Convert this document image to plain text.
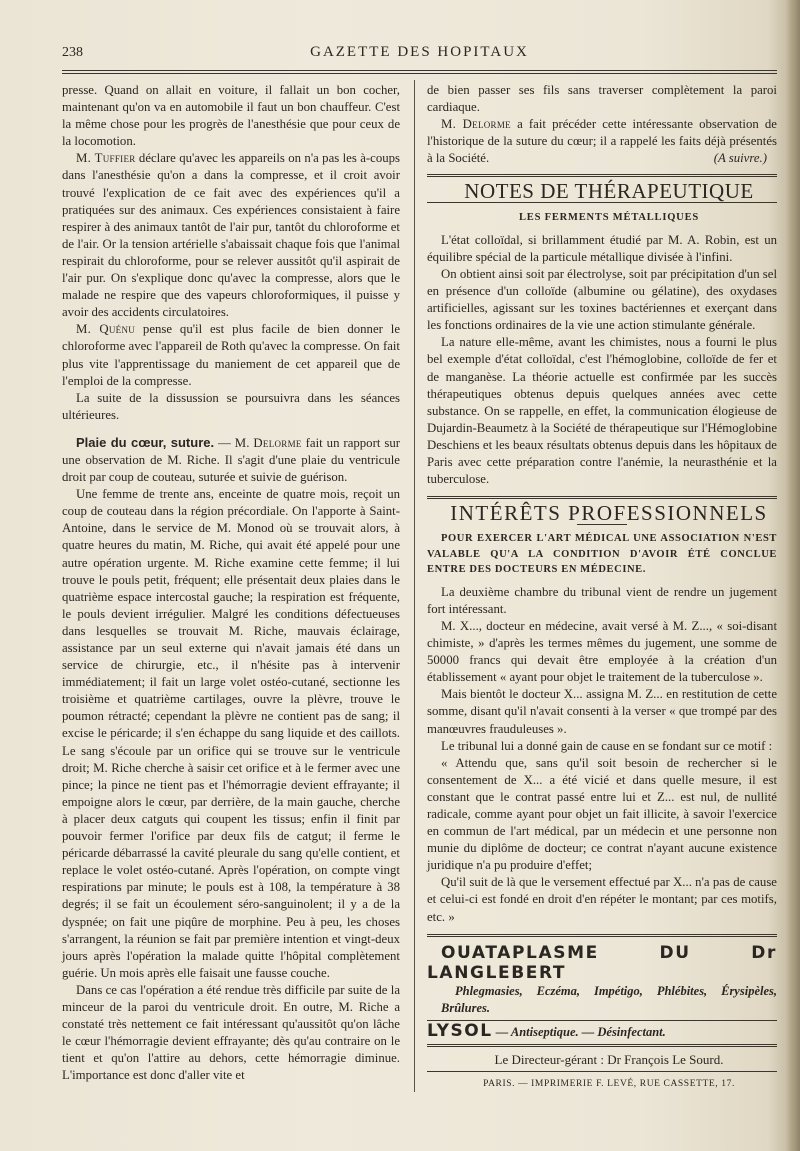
238	GAZETTE DES HOPITAUX

presse. Quand on allait en voiture, il fallait un bon cocher, maintenant qu'on va en automobile il faut un bon chauffeur. C'est la même chose pour les progrès de l'anesthésie que pour ceux de la locomotion.

M. Tuffier déclare qu'avec les appareils on n'a pas les à-coups dans l'anesthésie qu'on a dans la compresse, et il croit avoir trouvé l'explication de ce fait avec des expériences qu'il a pratiquées sur des animaux. Ces expériences consistaient à faire respirer à des animaux tantôt de l'air pur, tantôt du chloroforme et de l'air. Or la tension artérielle s'abaissait chaque fois que l'animal respirait du chloroforme, pour se relever aussitôt qu'il aspirait de l'air pur. On s'explique donc qu'avec la compresse, alors que le malade ne respire que des vapeurs chloroformiques, il puisse y avoir des accidents circulatoires.

M. Quénu pense qu'il est plus facile de bien donner le chloroforme avec l'appareil de Roth qu'avec la compresse. On fait plus vite l'apprentissage du maniement de cet appareil que de l'emploi de la compresse.

La suite de la dissussion se poursuivra dans les séances ultérieures.

Plaie du cœur, suture. — M. Delorme fait un rapport sur une observation de M. Riche. Il s'agit d'une plaie du ventricule droit par coup de couteau, suturée et suivie de guérison.

Une femme de trente ans, enceinte de quatre mois, reçoit un coup de couteau dans la région précordiale. On l'apporte à Saint-Antoine, dans le service de M. Monod où se trouvait alors, à quatre heures du matin, M. Riche, qui avait été appelé pour une autre opération urgente. M. Riche examine cette femme; il lui trouve le pouls petit, fréquent; elle présentait deux plaies dans le quatrième espace intercostal gauche; la respiration est fréquente, le pouls devient irrégulier. Malgré les conditions défectueuses dans lesquelles se trouvait M. Riche, mauvais éclairage, assistance par un seul externe qui n'avait jamais été dans un service de chirurgie, etc., il n'hésite pas à intervenir immédiatement; il fait un large volet ostéo-cutané, sectionne les troisième et quatrième cartilages, ouvre la plèvre, trouve le poumon rétracté; cependant la plèvre ne contient pas de sang; il excise le péricarde; il s'en échappe du sang liquide et des caillots. Le sang s'écoule par un orifice qui se trouve sur le ventricule droit; M. Riche cherche à saisir cet orifice et à le fermer avec une pince; la pince ne tient pas et l'hémorragie devient effrayante; il empoigne alors le cœur, par derrière, de la main gauche, cherche à placer deux catguts qui coupent les tissus; enfin il finit par pouvoir fermer l'orifice par deux fils de catgut; il ferme le péricarde débarrassé la cavité pleurale du sang qu'elle contient, et replace le volet ostéo-cutané. Après l'opération, on compte vingt respirations par minute; le pouls est à 108, la température à 38 degrés; il se fait un écoulement séro-sanguinolent; il y a de la dyspnée; on fait une piqûre de morphine. Peu à peu, les choses s'arrangent, la réunion se fait par première intention et vingt-deux jours après l'opération la malade quitte l'hôpital complètement guérie. Un mois après elle faisait une fausse couche.

Dans ce cas l'opération a été rendue très difficile par suite de la minceur de la paroi du ventricule droit. En outre, M. Riche a constaté très nettement ce fait intéressant qu'aussitôt qu'on lâche le cœur l'hémorragie devient effrayante; dès qu'au contraire on le tient et qu'on l'attire au dehors, cette hémorragie diminue. L'importance est donc d'aller vite et

de bien passer ses fils sans traverser complètement la paroi cardiaque.

M. Delorme a fait précéder cette intéressante observation de l'historique de la suture du cœur; il a rappelé les faits déjà présentés à la Société.	(A suivre.)

NOTES DE THÉRAPEUTIQUE

LES FERMENTS MÉTALLIQUES

L'état colloïdal, si brillamment étudié par M. A. Robin, est un équilibre spécial de la particule métallique divisée à l'infini.

On obtient ainsi soit par électrolyse, soit par précipitation d'un sel en présence d'un colloïde (albumine ou gélatine), des oxydases artificielles, agissant sur les toxines bactériennes et exerçant dans les fonctions ordinaires de la vie une action stimulante générale.

La nature elle-même, avant les chimistes, nous a fourni le plus bel exemple d'état colloïdal, c'est l'hémoglobine, colloïde de fer et de manganèse. La théorie actuelle est confirmée par les succès thérapeutiques obtenus depuis quelques années avec cette substance. On se rappelle, en effet, la communication élogieuse de Dujardin-Beaumetz à la Société de thérapeutique sur l'Hémoglobine Deschiens et les beaux résultats obtenus depuis dans les hôpitaux de Paris avec cette préparation contre l'anémie, la neurasthénie et la tuberculose.

INTÉRÊTS PROFESSIONNELS

POUR EXERCER L'ART MÉDICAL UNE ASSOCIATION N'EST VALABLE QU'A LA CONDITION D'AVOIR ÉTÉ CONCLUE ENTRE DES DOCTEURS EN MÉDECINE.

La deuxième chambre du tribunal vient de rendre un jugement fort intéressant.

M. X..., docteur en médecine, avait versé à M. Z..., « soi-disant chimiste, » d'après les termes mêmes du jugement, une somme de 50000 francs qui devait être employée à la création d'un établissement « ayant pour objet le traitement de la tuberculose ».

Mais bientôt le docteur X... assigna M. Z... en restitution de cette somme, disant qu'il n'avait consenti à la verser « que trompé par des manœuvres frauduleuses ».

Le tribunal lui a donné gain de cause en se fondant sur ce motif :

« Attendu que, sans qu'il soit besoin de rechercher si le consentement de X... a été vicié et dans quelle mesure, il est constant que le contrat passé entre lui et Z... est nul, de nullité radicale, comme ayant pour objet un fait illicite, à savoir l'exercice en commun de l'art médical, par un médecin et une personne non munie du diplôme de docteur; ce contrat n'ayant aucune existence juridique n'a pu produire d'effet;

Qu'il suit de là que le versement effectué par X... n'a pas de cause et celui-ci est fondé en droit d'en répéter le montant; par ces motifs, etc. »

OUATAPLASME DU Dr LANGLEBERT

Phlegmasies, Eczéma, Impétigo, Phlébites, Érysipèles, Brûlures.

LYSOL — Antiseptique. — Désinfectant.

Le Directeur-gérant : Dr François Le Sourd.

PARIS. — IMPRIMERIE F. LEVÉ, RUE CASSETTE, 17.
